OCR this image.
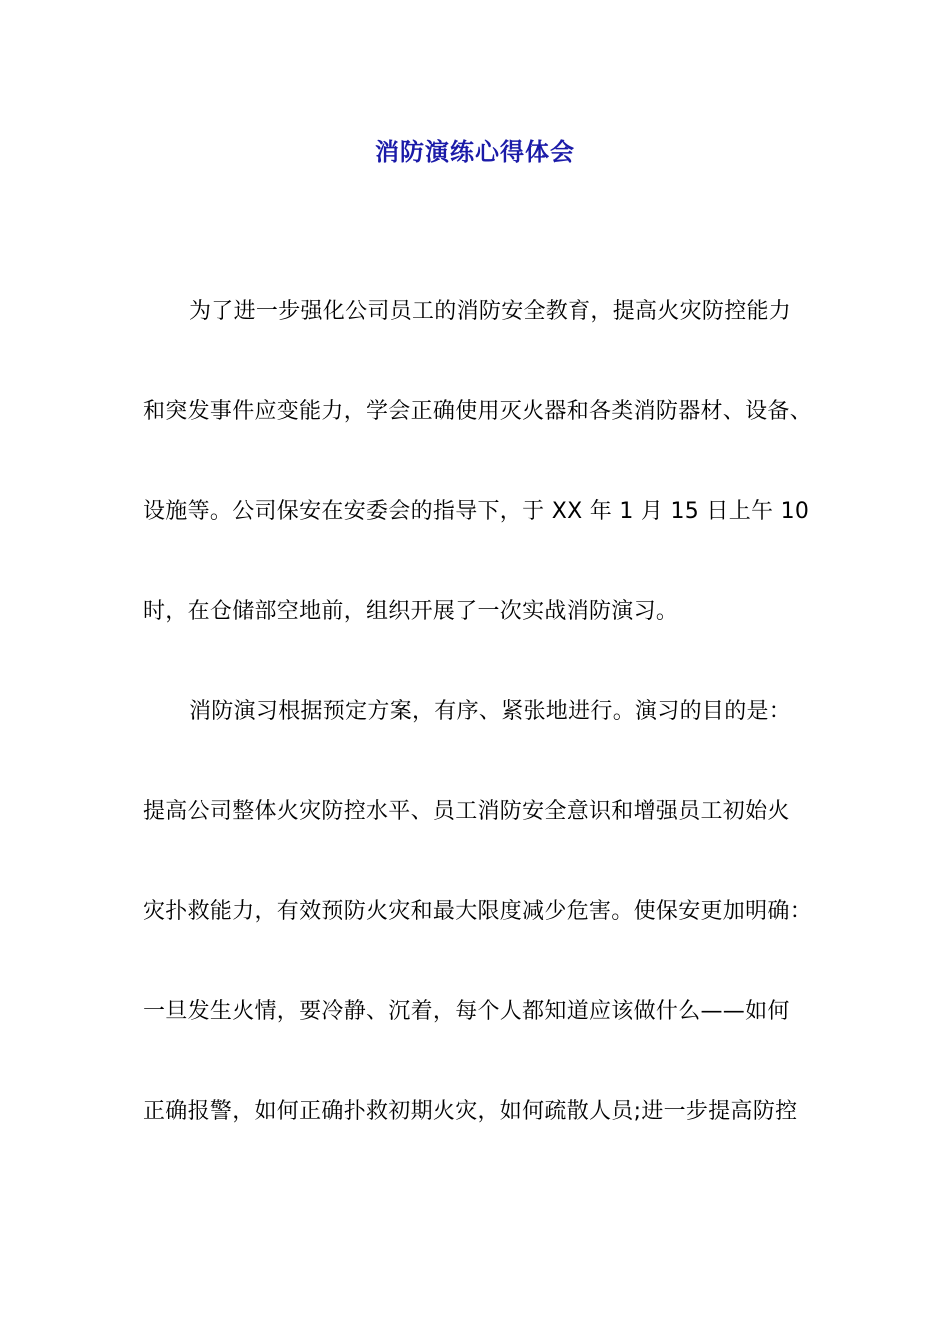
消防演练心得体会
为了进一步强化公司员工的消防安全教育，提高火灾防控能力
和突发事件应变能力，学会正确使用灭火器和各类消防器材、设备、
设施等。公司保安在安委会的指导下，于 XX 年 1 月 15 日上午 10
时，在仓储部空地前，组织开展了一次实战消防演习。
消防演习根据预定方案，有序、紧张地进行。演习的目的是：
提高公司整体火灾防控水平、员工消防安全意识和增强员工初始火
灾扑救能力，有效预防火灾和最大限度减少危害。使保安更加明确：
一旦发生火情，要冷静、沉着，每个人都知道应该做什么——如何
正确报警，如何正确扑救初期火灾，如何疏散人员;进一步提高防控
